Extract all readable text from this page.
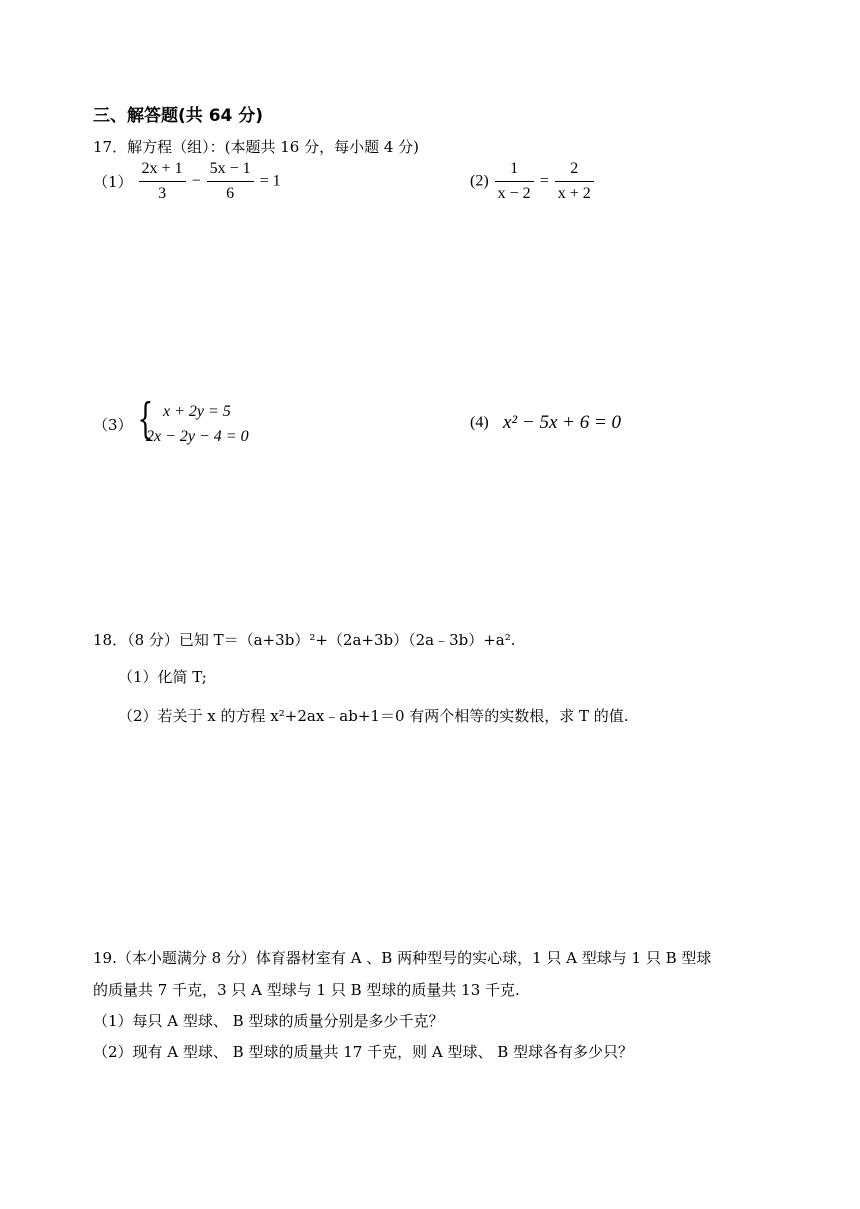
三、解答题(共 64 分)
17．解方程（组）：(本题共 16 分，每小题 4 分)
$(1) \frac{2x + 1}{3} - \frac{5x - 1}{6} = 1$	$(2) \frac{1}{x - 2} = \frac{2}{x + 2}$
（3） { x + 2y = 5
2x − 2y − 4 = 0
(4) x² − 5x + 6 = 0
18．（8 分）已知 T＝（a+3b）²+（2a+3b）（2a﹣3b）+a².
（1）化简 T;
（2）若关于 x 的方程 x²+2ax﹣ab+1＝0 有两个相等的实数根，求 T 的值.
19.（本小题满分 8 分）体育器材室有 A 、B 两种型号的实心球，1 只 A 型球与 1 只 B 型球
的质量共 7 千克，3 只 A 型球与 1 只 B 型球的质量共 13 千克.
（1）每只 A 型球、 B 型球的质量分别是多少千克？
（2）现有 A 型球、 B 型球的质量共 17 千克，则 A 型球、 B 型球各有多少只？
